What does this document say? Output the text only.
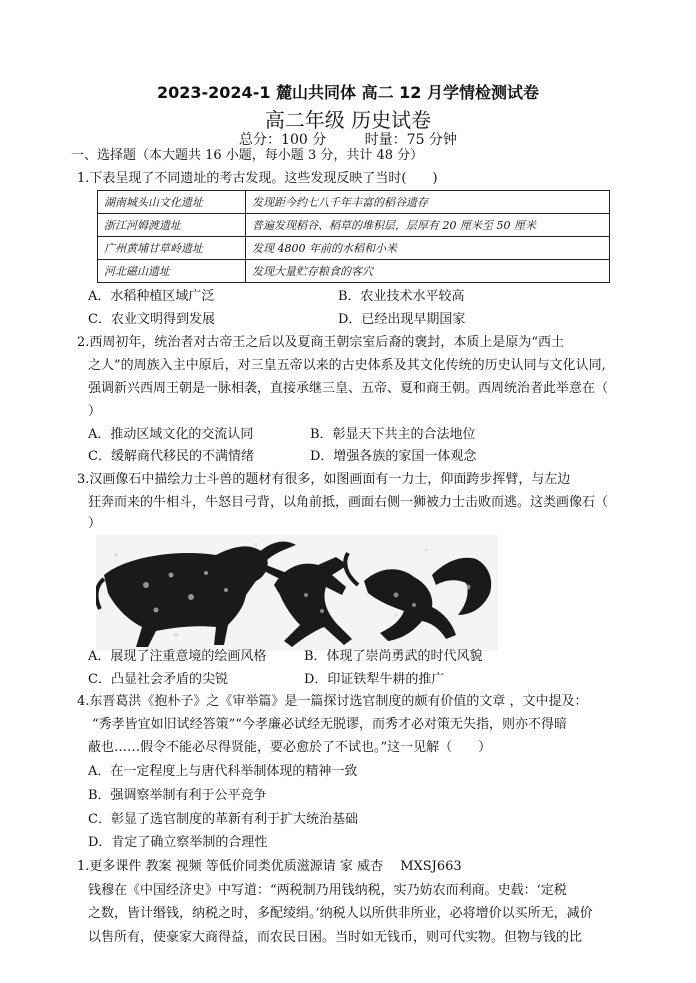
2023-2024-1 麓山共同体 高二 12 月学情检测试卷
高二年级 历史试卷
总分：100 分	时量：75 分钟
一、选择题（本大题共 16 小题，每小题 3 分，共计 48 分）
1.下表呈现了不同遗址的考古发现。这些发现反映了当时(　　)
湖南城头山文化遗址	发现距今约七八千年丰富的稻谷遗存
浙江河姆渡遗址	普遍发现稻谷、稻草的堆积层，层厚有 20 厘米至 50 厘米
广州黄埔甘草岭遗址	发现 4800 年前的水稻和小米
河北磁山遗址	发现大量贮存粮食的客穴
A．水稻种植区域广泛	B．农业技术水平较高
C．农业文明得到发展	D．已经出现早期国家
2.西周初年，统治者对古帝王之后以及夏商王朝宗室后裔的褒封，本质上是原为“西土
之人”的周族入主中原后，对三皇五帝以来的古史体系及其文化传统的历史认同与文化认同,
强调新兴西周王朝是一脉相袭，直接承继三皇、五帝、夏和商王朝。西周统治者此举意在（
）
A．推动区域文化的交流认同	B．彰显天下共主的合法地位
C．缓解商代移民的不满情绪	D．增强各族的家国一体观念
3.汉画像石中描绘力士斗兽的题材有很多，如图画面有一力士，仰面跨步挥臂，与左边
狂奔而来的牛相斗，牛怒目弓背，以角前抵，画面右侧一狮被力士击败而逃。这类画像石（
）
A．展现了注重意境的绘画风格	B．体现了崇尚勇武的时代风貌
C．凸显社会矛盾的尖锐	D．印证铁犁牛耕的推广
4.东晋葛洪《抱朴子》之《审举篇》是一篇探讨选官制度的颇有价值的文章 ，文中提及：
“秀孝皆宜如旧试经答策”“今孝廉必试经无脱谬，而秀才必对策无失指，则亦不得暗
蔽也……假令不能必尽得贤能，要必愈於了不试也。”这一见解（　　）
A．在一定程度上与唐代科举制体现的精神一致
B．强调察举制有利于公平竞争
C．彰显了选官制度的革新有利于扩大统治基础
D．肯定了确立察举制的合理性
1.更多课件 教案 视频 等低价同类优质滋源请 家 威杏　 MXSJ663
钱穆在《中国经济史》中写道：“两税制乃用钱纳税，实乃妨农而利商。史载：‘定税
之数，皆计缗钱，纳税之时，多配绫绢。’纳税人以所供非所业，必将增价以买所无，减价
以售所有，使豪家大商得益，而农民日困。当时如无钱币，则可代实物。但物与钱的比
